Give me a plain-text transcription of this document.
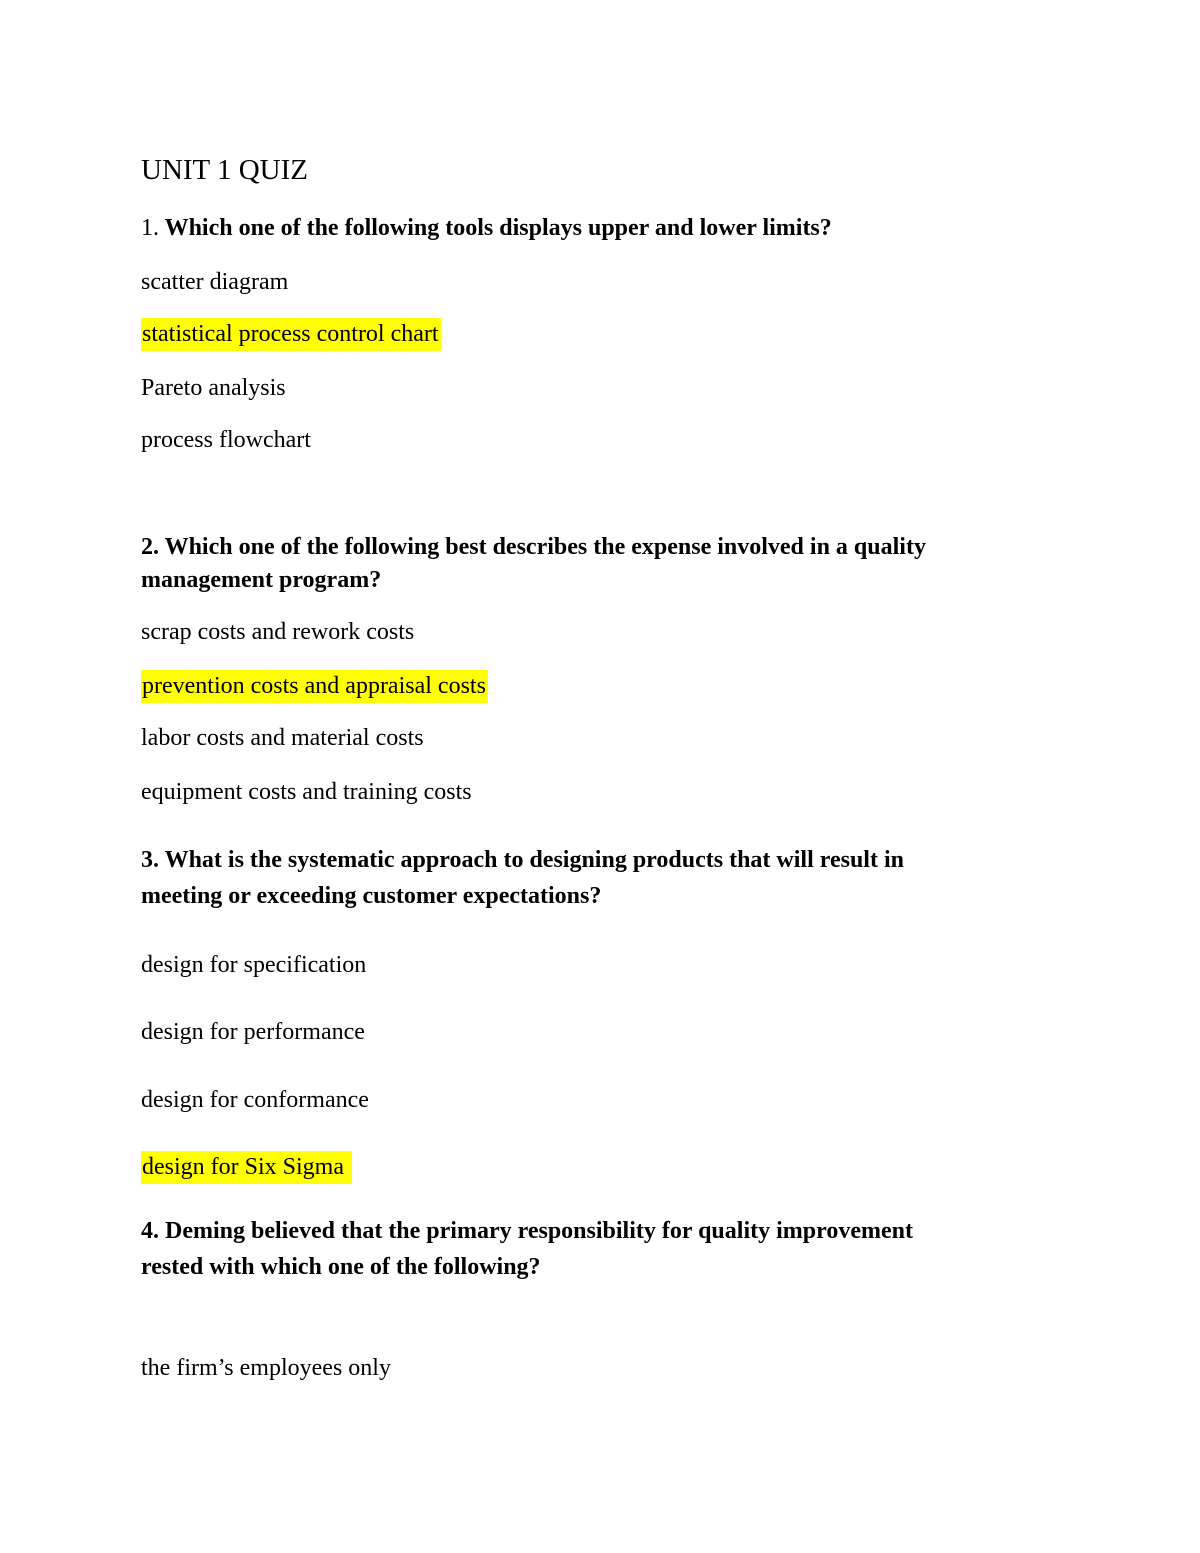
UNIT 1 QUIZ
1. Which one of the following tools displays upper and lower limits?
scatter diagram
statistical process control chart
Pareto analysis
process flowchart
2. Which one of the following best describes the expense involved in a quality
management program?
scrap costs and rework costs
prevention costs and appraisal costs
labor costs and material costs
equipment costs and training costs
3. What is the systematic approach to designing products that will result in
meeting or exceeding customer expectations?
design for specification
design for performance
design for conformance
design for Six Sigma
4. Deming believed that the primary responsibility for quality improvement
rested with which one of the following?
the firm’s employees only
